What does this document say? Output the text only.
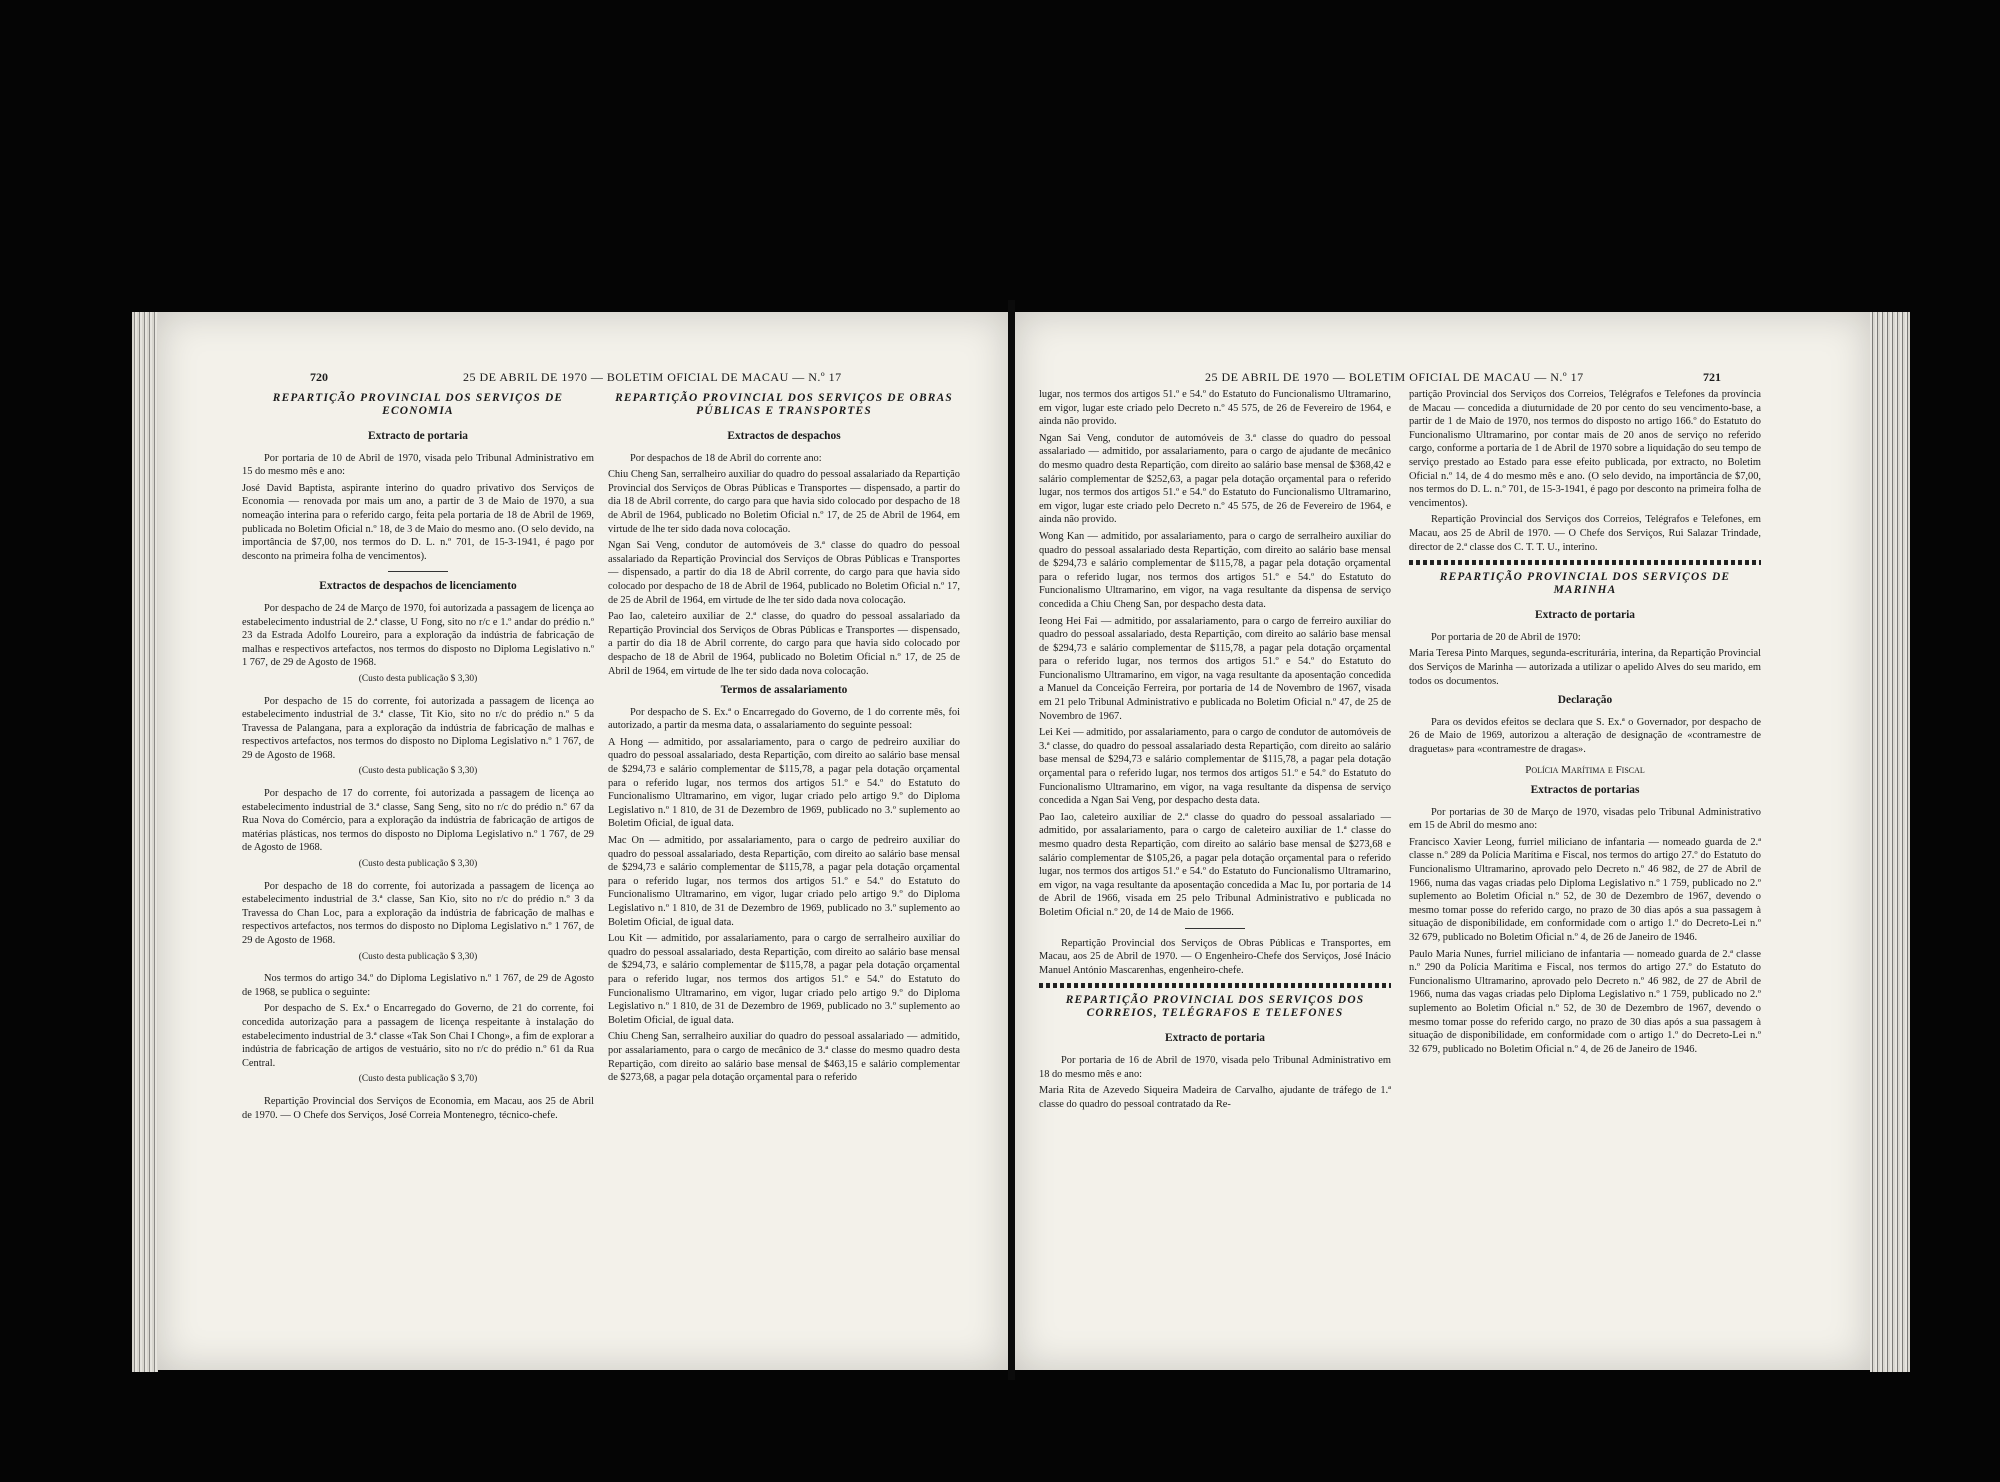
720	25 DE ABRIL DE 1970 — BOLETIM OFICIAL DE MACAU — N.º 17
REPARTIÇÃO PROVINCIAL DOS SERVIÇOS DE ECONOMIA
Extracto de portaria

Por portaria de 10 de Abril de 1970, visada pelo Tribunal Administrativo em 15 do mesmo mês e ano:

José David Baptista, aspirante interino do quadro privativo dos Serviços de Economia — renovada por mais um ano, a partir de 3 de Maio de 1970, a sua nomeação interina para o referido cargo, feita pela portaria de 18 de Abril de 1969, publicada no Boletim Oficial n.º 18, de 3 de Maio do mesmo ano. (O selo devido, na importância de $7,00, nos termos do D. L. n.º 701, de 15-3-1941, é pago por desconto na primeira folha de vencimentos).

Extractos de despachos de licenciamento

Por despacho de 24 de Março de 1970, foi autorizada a passagem de licença ao estabelecimento industrial de 2.ª classe, U Fong, sito no r/c e 1.º andar do prédio n.º 23 da Estrada Adolfo Loureiro, para a exploração da indústria de fabricação de malhas e respectivos artefactos, nos termos do disposto no Diploma Legislativo n.º 1 767, de 29 de Agosto de 1968.

(Custo desta publicação $ 3,30)

Por despacho de 15 do corrente, foi autorizada a passagem de licença ao estabelecimento industrial de 3.ª classe, Tit Kio, sito no r/c do prédio n.º 5 da Travessa de Palangana, para a exploração da indústria de fabricação de malhas e respectivos artefactos, nos termos do disposto no Diploma Legislativo n.º 1 767, de 29 de Agosto de 1968.

(Custo desta publicação $ 3,30)

Por despacho de 17 do corrente, foi autorizada a passagem de licença ao estabelecimento industrial de 3.ª classe, Sang Seng, sito no r/c do prédio n.º 67 da Rua Nova do Comércio, para a exploração da indústria de fabricação de artigos de matérias plásticas, nos termos do disposto no Diploma Legislativo n.º 1 767, de 29 de Agosto de 1968.

(Custo desta publicação $ 3,30)

Por despacho de 18 do corrente, foi autorizada a passagem de licença ao estabelecimento industrial de 3.ª classe, San Kio, sito no r/c do prédio n.º 3 da Travessa do Chan Loc, para a exploração da indústria de fabricação de malhas e respectivos artefactos, nos termos do disposto no Diploma Legislativo n.º 1 767, de 29 de Agosto de 1968.

(Custo desta publicação $ 3,30)

Nos termos do artigo 34.º do Diploma Legislativo n.º 1 767, de 29 de Agosto de 1968, se publica o seguinte:

Por despacho de S. Ex.ª o Encarregado do Governo, de 21 do corrente, foi concedida autorização para a passagem de licença respeitante à instalação do estabelecimento industrial de 3.ª classe «Tak Son Chai I Chong», a fim de explorar a indústria de fabricação de artigos de vestuário, sito no r/c do prédio n.º 61 da Rua Central.

(Custo desta publicação $ 3,70)

Repartição Provincial dos Serviços de Economia, em Macau, aos 25 de Abril de 1970. — O Chefe dos Serviços, José Correia Montenegro, técnico-chefe.

REPARTIÇÃO PROVINCIAL DOS SERVIÇOS DE OBRAS PÚBLICAS E TRANSPORTES
Extractos de despachos

Por despachos de 18 de Abril do corrente ano:

Chiu Cheng San, serralheiro auxiliar do quadro do pessoal assalariado da Repartição Provincial dos Serviços de Obras Públicas e Transportes — dispensado, a partir do dia 18 de Abril corrente, do cargo para que havia sido colocado por despacho de 18 de Abril de 1964, publicado no Boletim Oficial n.º 17, de 25 de Abril de 1964, em virtude de lhe ter sido dada nova colocação.

Ngan Sai Veng, condutor de automóveis de 3.ª classe do quadro do pessoal assalariado da Repartição Provincial dos Serviços de Obras Públicas e Transportes — dispensado, a partir do dia 18 de Abril corrente, do cargo para que havia sido colocado por despacho de 18 de Abril de 1964, publicado no Boletim Oficial n.º 17, de 25 de Abril de 1964, em virtude de lhe ter sido dada nova colocação.

Pao Iao, caleteiro auxiliar de 2.ª classe, do quadro do pessoal assalariado da Repartição Provincial dos Serviços de Obras Públicas e Transportes — dispensado, a partir do dia 18 de Abril corrente, do cargo para que havia sido colocado por despacho de 18 de Abril de 1964, publicado no Boletim Oficial n.º 17, de 25 de Abril de 1964, em virtude de lhe ter sido dada nova colocação.

Termos de assalariamento

Por despacho de S. Ex.ª o Encarregado do Governo, de 1 do corrente mês, foi autorizado, a partir da mesma data, o assalariamento do seguinte pessoal:

A Hong — admitido, por assalariamento, para o cargo de pedreiro auxiliar do quadro do pessoal assalariado, desta Repartição, com direito ao salário base mensal de $294,73 e salário complementar de $115,78, a pagar pela dotação orçamental para o referido lugar, nos termos dos artigos 51.º e 54.º do Estatuto do Funcionalismo Ultramarino, em vigor, lugar criado pelo artigo 9.º do Diploma Legislativo n.º 1 810, de 31 de Dezembro de 1969, publicado no 3.º suplemento ao Boletim Oficial, de igual data.

Mac On — admitido, por assalariamento, para o cargo de pedreiro auxiliar do quadro do pessoal assalariado, desta Repartição, com direito ao salário base mensal de $294,73 e salário complementar de $115,78, a pagar pela dotação orçamental para o referido lugar, nos termos dos artigos 51.º e 54.º do Estatuto do Funcionalismo Ultramarino, em vigor, lugar criado pelo artigo 9.º do Diploma Legislativo n.º 1 810, de 31 de Dezembro de 1969, publicado no 3.º suplemento ao Boletim Oficial, de igual data.

Lou Kit — admitido, por assalariamento, para o cargo de serralheiro auxiliar do quadro do pessoal assalariado, desta Repartição, com direito ao salário base mensal de $294,73, e salário complementar de $115,78, a pagar pela dotação orçamental para o referido lugar, nos termos dos artigos 51.º e 54.º do Estatuto do Funcionalismo Ultramarino, em vigor, lugar criado pelo artigo 9.º do Diploma Legislativo n.º 1 810, de 31 de Dezembro de 1969, publicado no 3.º suplemento ao Boletim Oficial, de igual data.

Chiu Cheng San, serralheiro auxiliar do quadro do pessoal assalariado — admitido, por assalariamento, para o cargo de mecânico de 3.ª classe do mesmo quadro desta Repartição, com direito ao salário base mensal de $463,15 e salário complementar de $273,68, a pagar pela dotação orçamental para o referido

25 DE ABRIL DE 1970 — BOLETIM OFICIAL DE MACAU — N.º 17	721

lugar, nos termos dos artigos 51.º e 54.º do Estatuto do Funcionalismo Ultramarino, em vigor, lugar este criado pelo Decreto n.º 45 575, de 26 de Fevereiro de 1964, e ainda não provido.

Ngan Sai Veng, condutor de automóveis de 3.ª classe do quadro do pessoal assalariado — admitido, por assalariamento, para o cargo de ajudante de mecânico do mesmo quadro desta Repartição, com direito ao salário base mensal de $368,42 e salário complementar de $252,63, a pagar pela dotação orçamental para o referido lugar, nos termos dos artigos 51.º e 54.º do Estatuto do Funcionalismo Ultramarino, em vigor, lugar este criado pelo Decreto n.º 45 575, de 26 de Fevereiro de 1964, e ainda não provido.

Wong Kan — admitido, por assalariamento, para o cargo de serralheiro auxiliar do quadro do pessoal assalariado desta Repartição, com direito ao salário base mensal de $294,73 e salário complementar de $115,78, a pagar pela dotação orçamental para o referido lugar, nos termos dos artigos 51.º e 54.º do Estatuto do Funcionalismo Ultramarino, em vigor, na vaga resultante da dispensa de serviço concedida a Chiu Cheng San, por despacho desta data.

Ieong Hei Fai — admitido, por assalariamento, para o cargo de ferreiro auxiliar do quadro do pessoal assalariado, desta Repartição, com direito ao salário base mensal de $294,73 e salário complementar de $115,78, a pagar pela dotação orçamental para o referido lugar, nos termos dos artigos 51.º e 54.º do Estatuto do Funcionalismo Ultramarino, em vigor, na vaga resultante da aposentação concedida a Manuel da Conceição Ferreira, por portaria de 14 de Novembro de 1967, visada em 21 pelo Tribunal Administrativo e publicada no Boletim Oficial n.º 47, de 25 de Novembro de 1967.

Lei Kei — admitido, por assalariamento, para o cargo de condutor de automóveis de 3.ª classe, do quadro do pessoal assalariado desta Repartição, com direito ao salário base mensal de $294,73 e salário complementar de $115,78, a pagar pela dotação orçamental para o referido lugar, nos termos dos artigos 51.º e 54.º do Estatuto do Funcionalismo Ultramarino, em vigor, na vaga resultante da dispensa de serviço concedida a Ngan Sai Veng, por despacho desta data.

Pao Iao, caleteiro auxiliar de 2.ª classe do quadro do pessoal assalariado — admitido, por assalariamento, para o cargo de caleteiro auxiliar de 1.ª classe do mesmo quadro desta Repartição, com direito ao salário base mensal de $273,68 e salário complementar de $105,26, a pagar pela dotação orçamental para o referido lugar, nos termos dos artigos 51.º e 54.º do Estatuto do Funcionalismo Ultramarino, em vigor, na vaga resultante da aposentação concedida a Mac Iu, por portaria de 14 de Abril de 1966, visada em 25 pelo Tribunal Administrativo e publicada no Boletim Oficial n.º 20, de 14 de Maio de 1966.

Repartição Provincial dos Serviços de Obras Públicas e Transportes, em Macau, aos 25 de Abril de 1970. — O Engenheiro-Chefe dos Serviços, José Inácio Manuel António Mascarenhas, engenheiro-chefe.

REPARTIÇÃO PROVINCIAL DOS SERVIÇOS DOS CORREIOS, TELÉGRAFOS E TELEFONES
Extracto de portaria

Por portaria de 16 de Abril de 1970, visada pelo Tribunal Administrativo em 18 do mesmo mês e ano:

Maria Rita de Azevedo Siqueira Madeira de Carvalho, ajudante de tráfego de 1.ª classe do quadro do pessoal contratado da Re-

partição Provincial dos Serviços dos Correios, Telégrafos e Telefones da província de Macau — concedida a diuturnidade de 20 por cento do seu vencimento-base, a partir de 1 de Maio de 1970, nos termos do disposto no artigo 166.º do Estatuto do Funcionalismo Ultramarino, por contar mais de 20 anos de serviço no referido cargo, conforme a portaria de 1 de Abril de 1970 sobre a liquidação do seu tempo de serviço prestado ao Estado para esse efeito publicada, por extracto, no Boletim Oficial n.º 14, de 4 do mesmo mês e ano. (O selo devido, na importância de $7,00, nos termos do D. L. n.º 701, de 15-3-1941, é pago por desconto na primeira folha de vencimentos).

Repartição Provincial dos Serviços dos Correios, Telégrafos e Telefones, em Macau, aos 25 de Abril de 1970. — O Chefe dos Serviços, Rui Salazar Trindade, director de 2.ª classe dos C. T. T. U., interino.

REPARTIÇÃO PROVINCIAL DOS SERVIÇOS DE MARINHA
Extracto de portaria

Por portaria de 20 de Abril de 1970:

Maria Teresa Pinto Marques, segunda-escriturária, interina, da Repartição Provincial dos Serviços de Marinha — autorizada a utilizar o apelido Alves do seu marido, em todos os documentos.

Declaração

Para os devidos efeitos se declara que S. Ex.ª o Governador, por despacho de 26 de Maio de 1969, autorizou a alteração de designação de «contramestre de draguetas» para «contramestre de dragas».

Polícia Marítima e Fiscal
Extractos de portarias

Por portarias de 30 de Março de 1970, visadas pelo Tribunal Administrativo em 15 de Abril do mesmo ano:

Francisco Xavier Leong, furriel miliciano de infantaria — nomeado guarda de 2.ª classe n.º 289 da Polícia Marítima e Fiscal, nos termos do artigo 27.º do Estatuto do Funcionalismo Ultramarino, aprovado pelo Decreto n.º 46 982, de 27 de Abril de 1966, numa das vagas criadas pelo Diploma Legislativo n.º 1 759, publicado no 2.º suplemento ao Boletim Oficial n.º 52, de 30 de Dezembro de 1967, devendo o mesmo tomar posse do referido cargo, no prazo de 30 dias após a sua passagem à situação de disponibilidade, em conformidade com o artigo 1.º do Decreto-Lei n.º 32 679, publicado no Boletim Oficial n.º 4, de 26 de Janeiro de 1946.

Paulo Maria Nunes, furriel miliciano de infantaria — nomeado guarda de 2.ª classe n.º 290 da Polícia Marítima e Fiscal, nos termos do artigo 27.º do Estatuto do Funcionalismo Ultramarino, aprovado pelo Decreto n.º 46 982, de 27 de Abril de 1966, numa das vagas criadas pelo Diploma Legislativo n.º 1 759, publicado no 2.º suplemento ao Boletim Oficial n.º 52, de 30 de Dezembro de 1967, devendo o mesmo tomar posse do referido cargo, no prazo de 30 dias após a sua passagem à situação de disponibilidade, em conformidade com o artigo 1.º do Decreto-Lei n.º 32 679, publicado no Boletim Oficial n.º 4, de 26 de Janeiro de 1946.
